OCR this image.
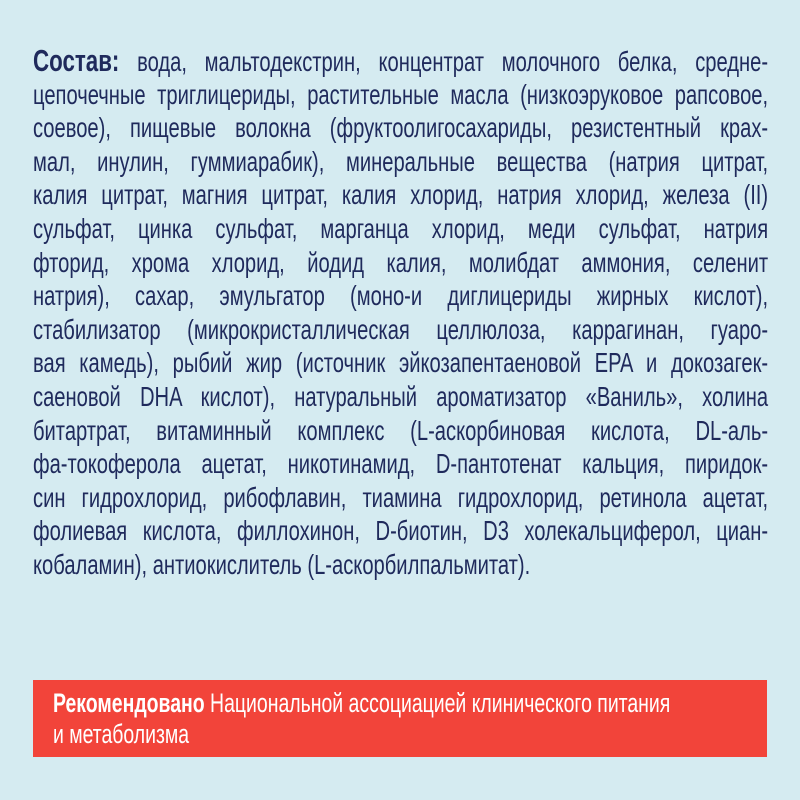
Состав: вода, мальтодекстрин, концентрат молочного белка, средне-
цепочечные триглицериды, растительные масла (низкоэруковое рапсовое,
соевое), пищевые волокна (фруктоолигосахариды, резистентный крах-
мал, инулин, гуммиарабик), минеральные вещества (натрия цитрат,
калия цитрат, магния цитрат, калия хлорид, натрия хлорид, железа (II)
сульфат, цинка сульфат, марганца хлорид, меди сульфат, натрия
фторид, хрома хлорид, йодид калия, молибдат аммония, селенит
натрия), сахар, эмульгатор (моно-и диглицериды жирных кислот),
стабилизатор (микрокристаллическая целлюлоза, каррагинан, гуаро-
вая камедь), рыбий жир (источник эйкозапентаеновой EPA и докозагек-
саеновой DHA кислот), натуральный ароматизатор «Ваниль», холина
битартрат, витаминный комплекс (L-аскорбиновая кислота, DL-аль-
фа-токоферола ацетат, никотинамид, D-пантотенат кальция, пиридок-
син гидрохлорид, рибофлавин, тиамина гидрохлорид, ретинола ацетат,
фолиевая кислота, филлохинон, D-биотин, D3 холекальциферол, циан-
кобаламин), антиокислитель (L-аскорбилпальмитат).
Рекомендовано Национальной ассоциацией клинического питания
и метаболизма
